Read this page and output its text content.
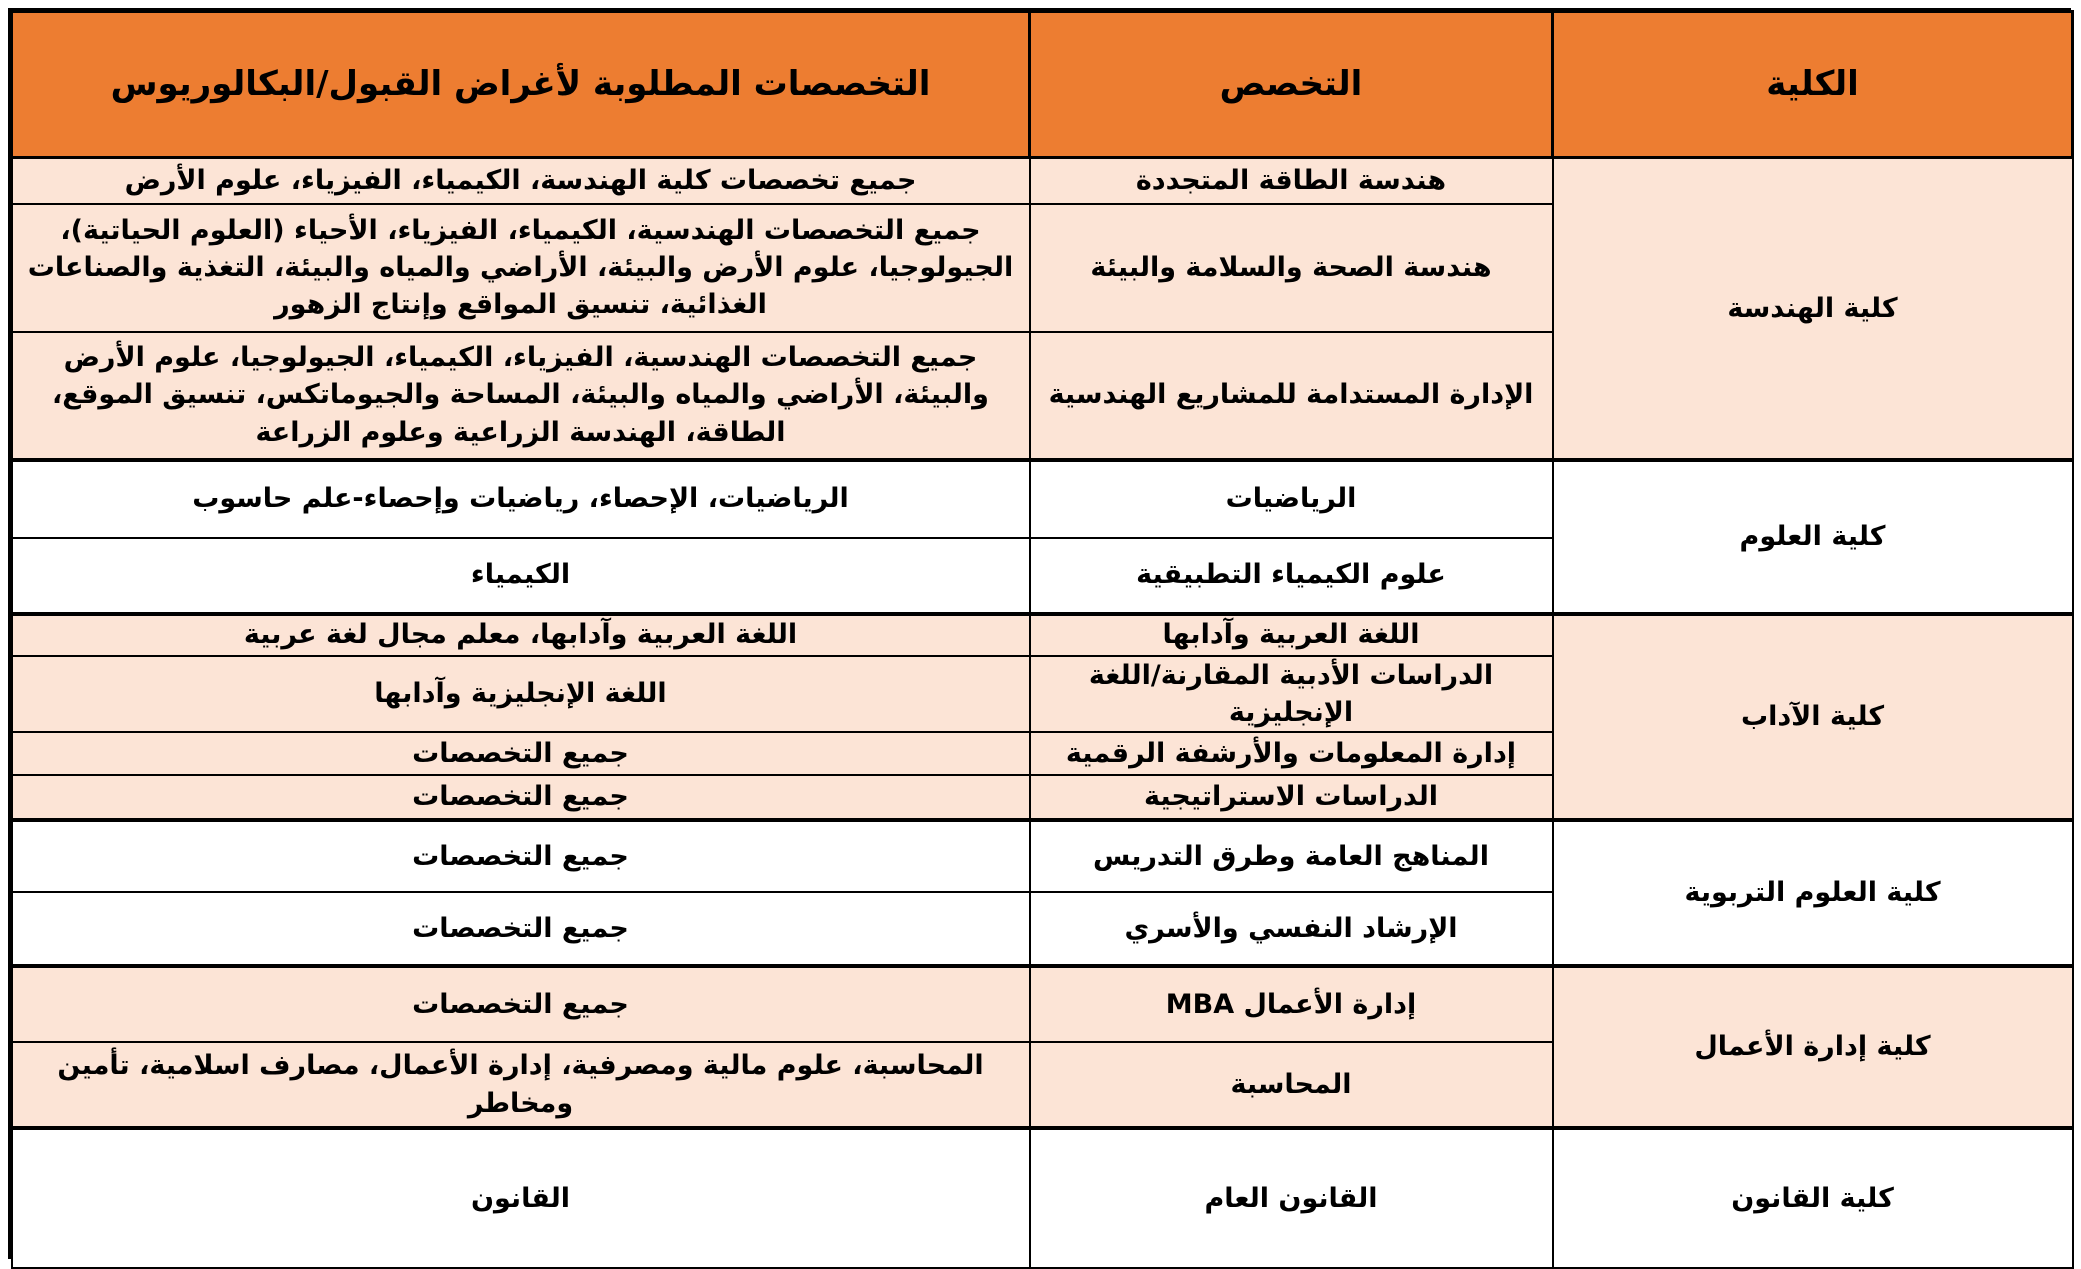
الكلية	التخصص	التخصصات المطلوبة لأغراض القبول/البكالوريوس
كلية الهندسة	هندسة الطاقة المتجددة	جميع تخصصات كلية الهندسة، الكيمياء، الفيزياء، علوم الأرض
	هندسة الصحة والسلامة والبيئة	جميع التخصصات الهندسية، الكيمياء، الفيزياء، الأحياء (العلوم الحياتية)، الجيولوجيا، علوم الأرض والبيئة، الأراضي والمياه والبيئة، التغذية والصناعات الغذائية، تنسيق المواقع وإنتاج الزهور
	الإدارة المستدامة للمشاريع الهندسية	جميع التخصصات الهندسية، الفيزياء، الكيمياء، الجيولوجيا، علوم الأرض والبيئة، الأراضي والمياه والبيئة، المساحة والجيوماتكس، تنسيق الموقع، الطاقة، الهندسة الزراعية وعلوم الزراعة
كلية العلوم	الرياضيات	الرياضيات، الإحصاء، رياضيات وإحصاء-علم حاسوب
	علوم الكيمياء التطبيقية	الكيمياء
كلية الآداب	اللغة العربية وآدابها	اللغة العربية وآدابها، معلم مجال لغة عربية
	الدراسات الأدبية المقارنة/اللغة الإنجليزية	اللغة الإنجليزية وآدابها
	إدارة المعلومات والأرشفة الرقمية	جميع التخصصات
	الدراسات الاستراتيجية	جميع التخصصات
كلية العلوم التربوية	المناهج العامة وطرق التدريس	جميع التخصصات
	الإرشاد النفسي والأسري	جميع التخصصات
كلية إدارة الأعمال	إدارة الأعمال MBA	جميع التخصصات
	المحاسبة	المحاسبة، علوم مالية ومصرفية، إدارة الأعمال، مصارف اسلامية، تأمين ومخاطر
كلية القانون	القانون العام	القانون
